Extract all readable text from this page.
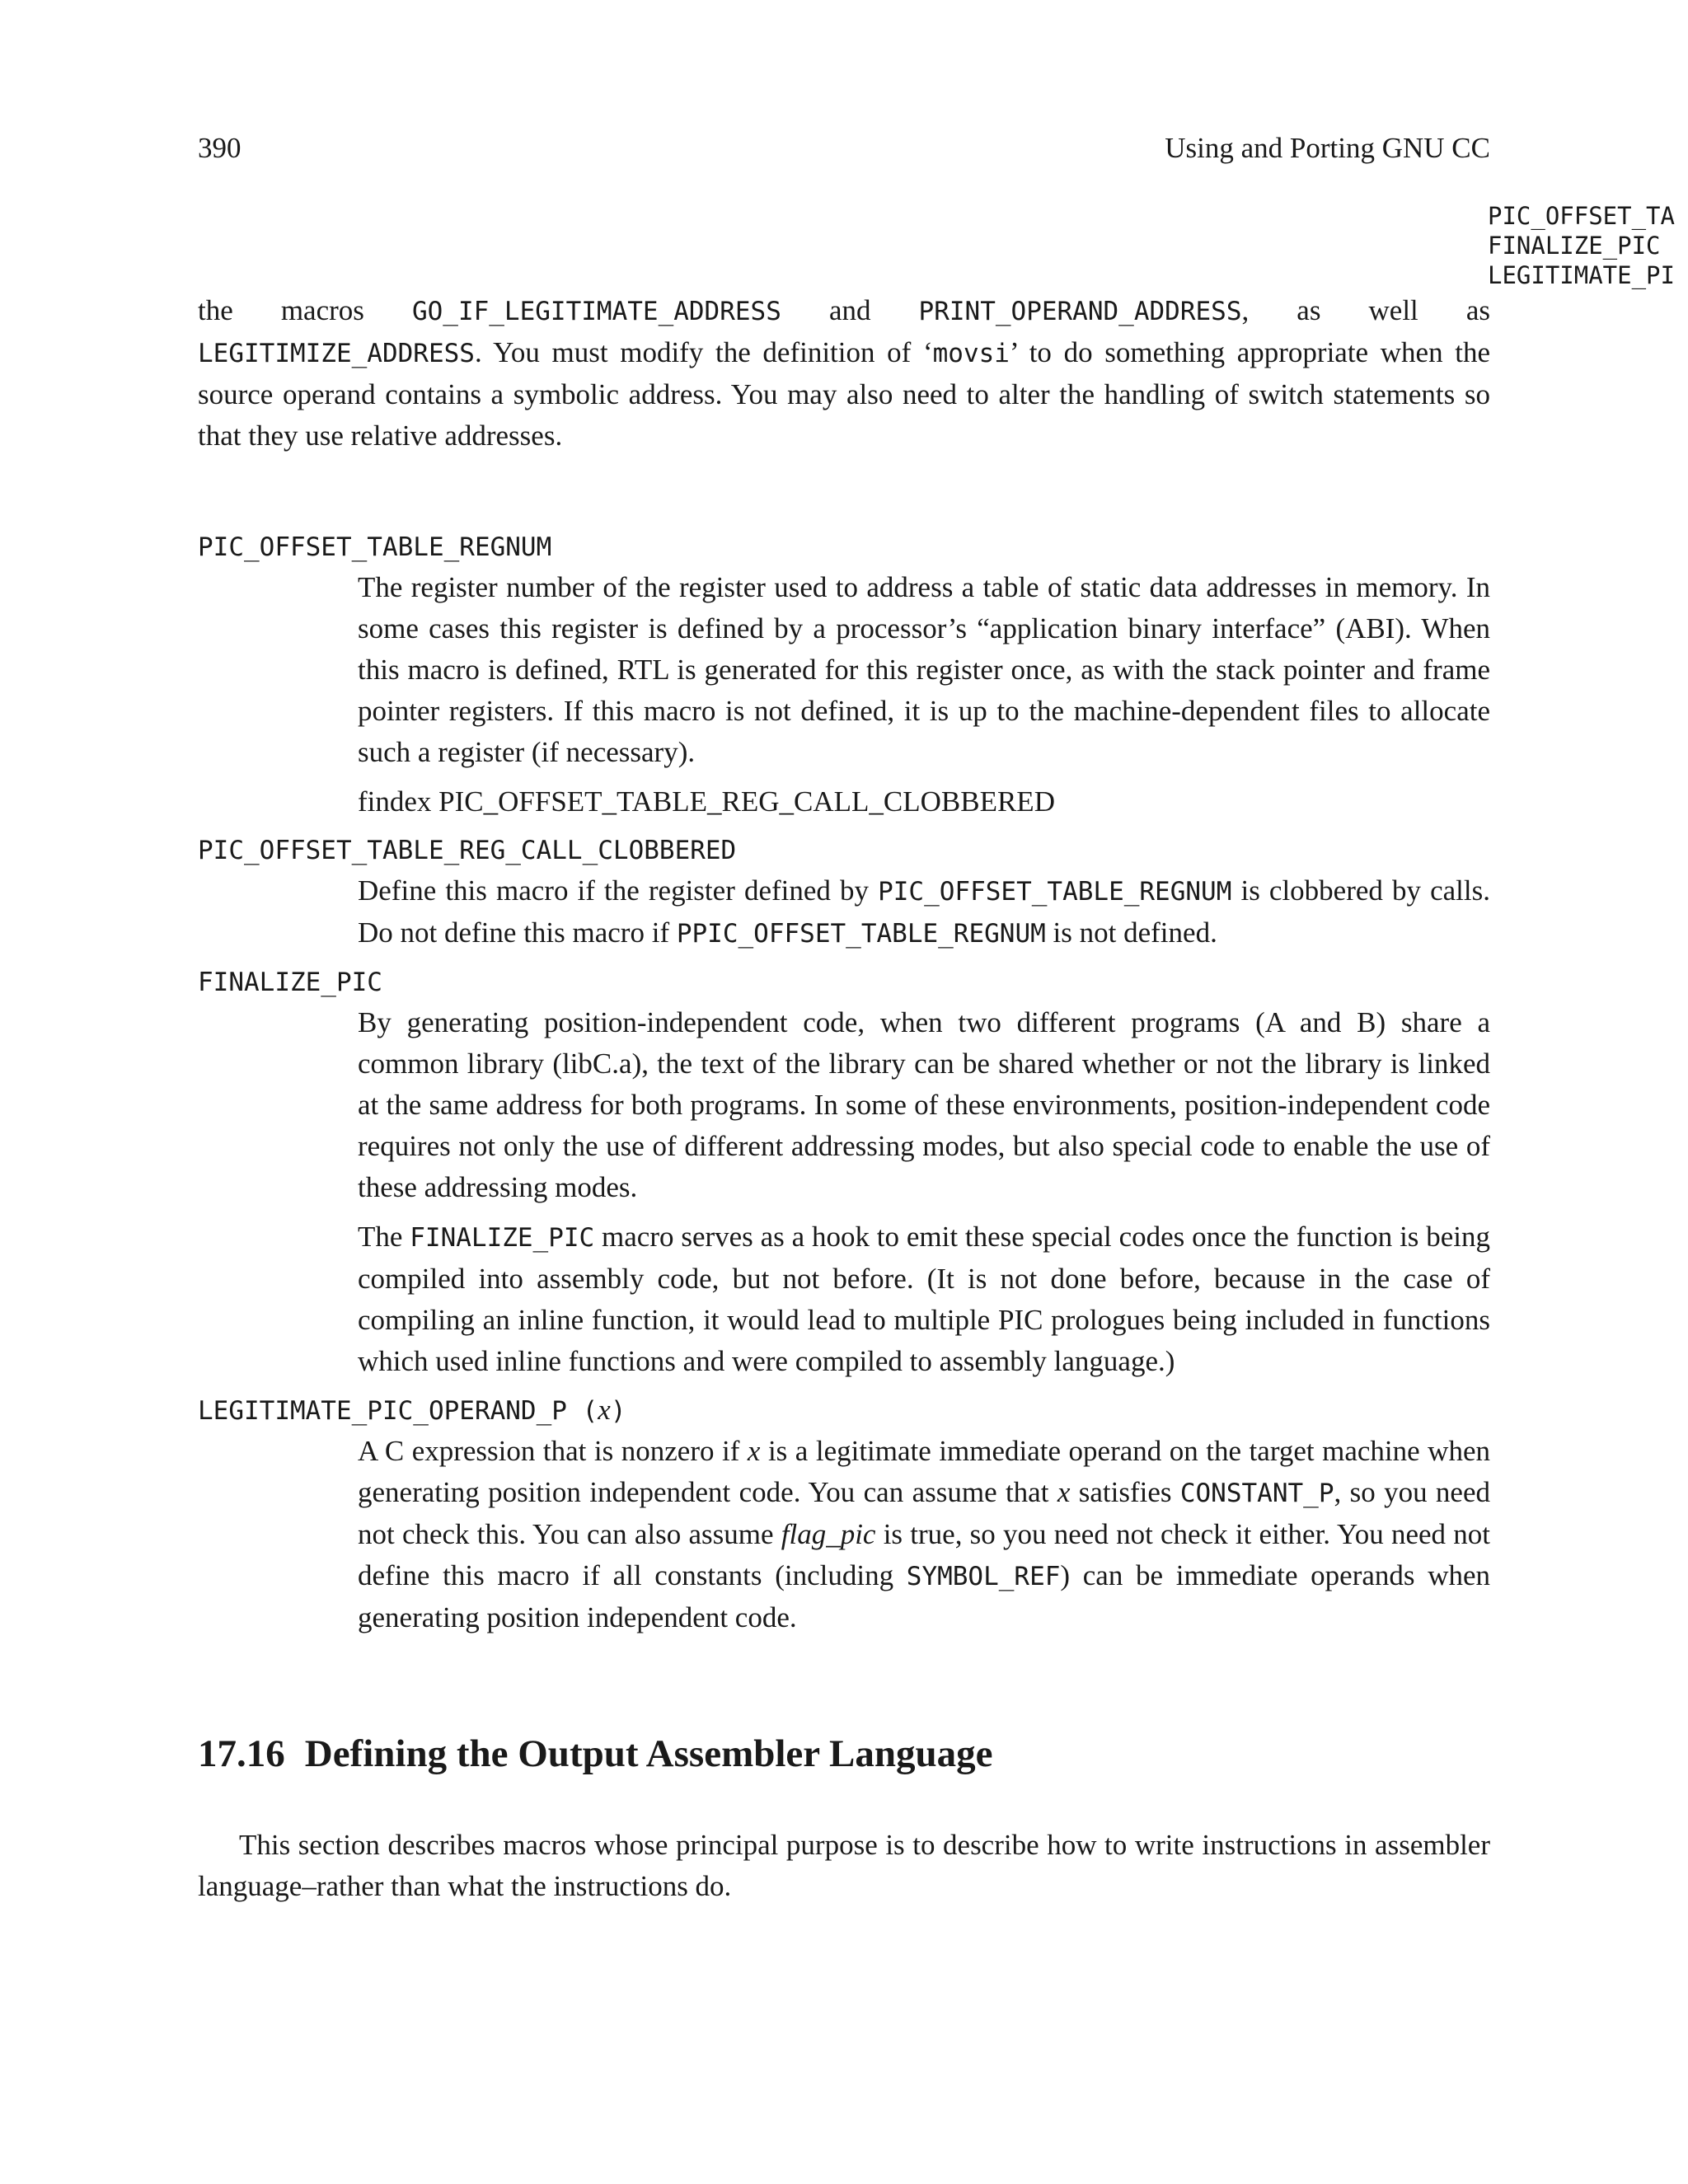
390	Using and Porting GNU CC
PIC_OFFSET_TA
FINALIZE_PIC
LEGITIMATE_PI

the macros GO_IF_LEGITIMATE_ADDRESS and PRINT_OPERAND_ADDRESS, as well as LEGITIMIZE_ADDRESS. You must modify the definition of ‘movsi’ to do something appropriate when the source operand contains a symbolic address. You may also need to alter the handling of switch statements so that they use relative addresses.

PIC_OFFSET_TABLE_REGNUM

The register number of the register used to address a table of static data addresses in memory. In some cases this register is defined by a processor’s “application binary interface” (ABI). When this macro is defined, RTL is generated for this register once, as with the stack pointer and frame pointer registers. If this macro is not defined, it is up to the machine-dependent files to allocate such a register (if necessary).

findex PIC_OFFSET_TABLE_REG_CALL_CLOBBERED
PIC_OFFSET_TABLE_REG_CALL_CLOBBERED

Define this macro if the register defined by PIC_OFFSET_TABLE_REGNUM is clobbered by calls. Do not define this macro if PPIC_OFFSET_TABLE_REGNUM is not defined.

FINALIZE_PIC

By generating position-independent code, when two different programs (A and B) share a common library (libC.a), the text of the library can be shared whether or not the library is linked at the same address for both programs. In some of these environments, position-independent code requires not only the use of different addressing modes, but also special code to enable the use of these addressing modes.

The FINALIZE_PIC macro serves as a hook to emit these special codes once the function is being compiled into assembly code, but not before. (It is not done before, because in the case of compiling an inline function, it would lead to multiple PIC prologues being included in functions which used inline functions and were compiled to assembly language.)

LEGITIMATE_PIC_OPERAND_P (x)

A C expression that is nonzero if x is a legitimate immediate operand on the target machine when generating position independent code. You can assume that x satisfies CONSTANT_P, so you need not check this. You can also assume flag_pic is true, so you need not check it either. You need not define this macro if all constants (including SYMBOL_REF) can be immediate operands when generating position independent code.

17.16 Defining the Output Assembler Language

This section describes macros whose principal purpose is to describe how to write instructions in assembler language–rather than what the instructions do.
